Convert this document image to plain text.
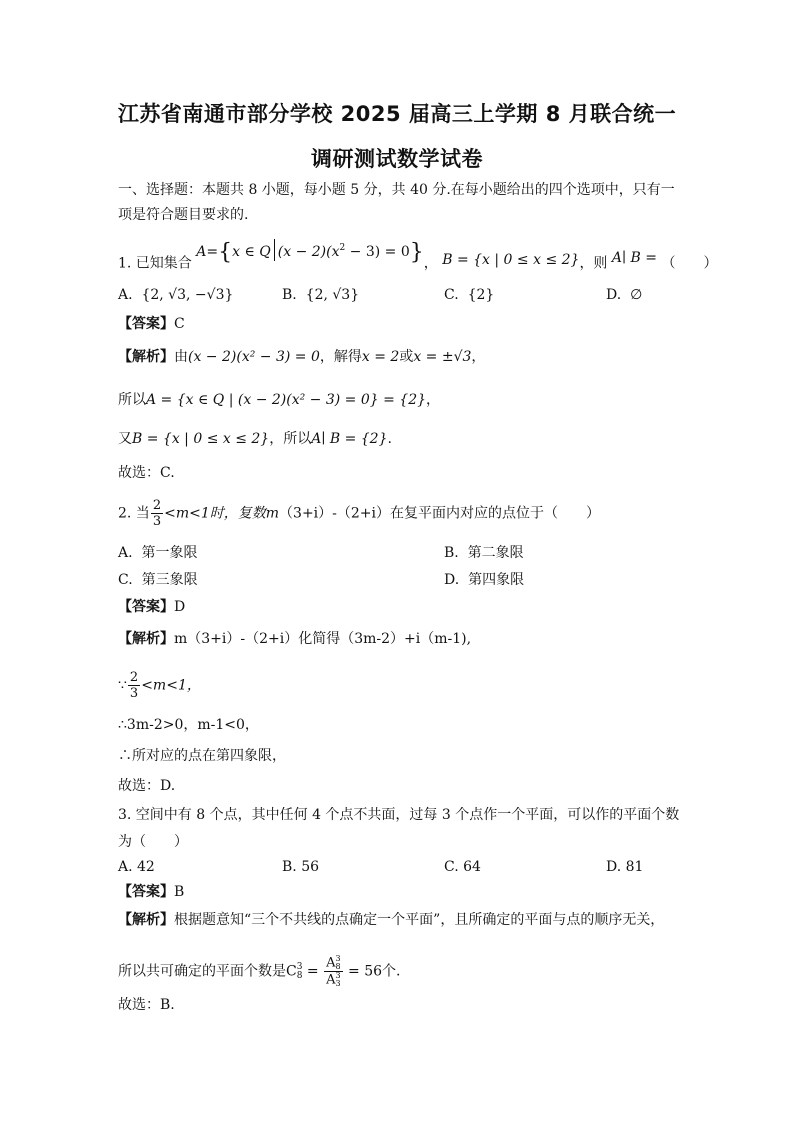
江苏省南通市部分学校 2025 届高三上学期 8 月联合统一
调研测试数学试卷
一、选择题：本题共 8 小题，每小题 5 分，共 40 分.在每小题给出的四个选项中，只有一
项是符合题目要求的.
1. 已知集合 A={x ∈ Q $(x - 2)(x^2 - 3) = 0$}， B = {x | 0 ≤ x ≤ 2}，则 A∣ B = （　　）
A. {2, √3, −√3}	B. {2, √3}	C. {2}	D. ∅
【答案】C
【解析】由(x − 2)(x² − 3) = 0，解得x = 2或x = ±√3，
所以A = {x ∈ Q | (x − 2)(x² − 3) = 0} = {2}，
又B = {x | 0 ≤ x ≤ 2}，所以A∣ B = {2}.
故选：C.
2. 当 $\frac{2}{3} <m<1$时，复数m（3+i）-（2+i）在复平面内对应的点位于（　　）
A. 第一象限	B. 第二象限
C. 第三象限	D. 第四象限
【答案】D
【解析】m（3+i）-（2+i）化简得（3m-2）+i（m-1),
∵ $\frac{2}{3} <m<1$，
∴3m-2>0，m-1<0，
∴所对应的点在第四象限，
故选：D.
3. 空间中有 8 个点，其中任何 4 个点不共面，过每 3 个点作一个平面，可以作的平面个数
为（　　）
A. 42	B. 56	C. 64	D. 81
【答案】B
【解析】根据题意知“三个不共线的点确定一个平面”，且所确定的平面与点的顺序无关，
所以共可确定的平面个数是C 3
8 = A 3
8
A 3
3 = 56个.
故选：B.
